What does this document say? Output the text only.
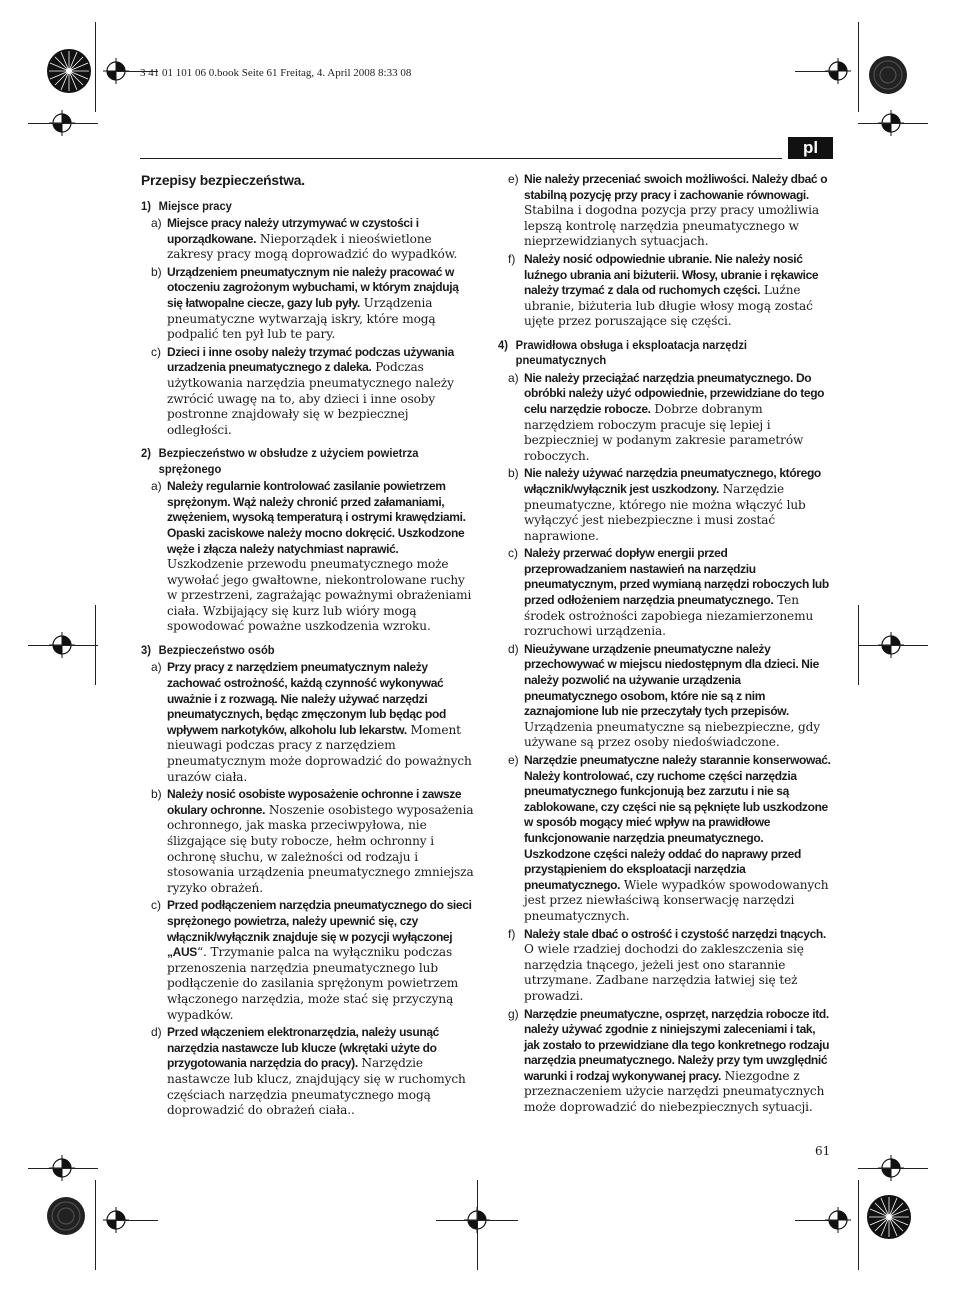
3 41 01 101 06 0.book Seite 61 Freitag, 4. April 2008 8:33 08
pl
Przepisy bezpieczeństwa.
1) Miejsce pracy
a) Miejsce pracy należy utrzymywać w czystości i uporządkowane. Nieporządek i nieoświetlone zakresy pracy mogą doprowadzić do wypadków.
b) Urządzeniem pneumatycznym nie należy pracować w otoczeniu zagrożonym wybuchami, w którym znajdują się łatwopalne ciecze, gazy lub pyły. Urządzenia pneumatyczne wytwarzają iskry, które mogą podpalić ten pył lub te pary.
c) Dzieci i inne osoby należy trzymać podczas używania urzadzenia pneumatycznego z daleka. Podczas użytkowania narzędzia pneumatycznego należy zwrócić uwagę na to, aby dzieci i inne osoby postronne znajdowały się w bezpiecznej odległości.
2) Bezpieczeństwo w obsłudze z użyciem powietrza sprężonego
a) Należy regularnie kontrolować zasilanie powietrzem sprężonym. Wąż należy chronić przed załamaniami, zwężeniem, wysoką temperaturą i ostrymi krawędziami. Opaski zaciskowe należy mocno dokręcić. Uszkodzone węże i złącza należy natychmiast naprawić. Uszkodzenie przewodu pneumatycznego może wywołać jego gwałtowne, niekontrolowane ruchy w przestrzeni, zagrażając poważnymi obrażeniami ciała. Wzbijający się kurz lub wióry mogą spowodować poważne uszkodzenia wzroku.
3) Bezpieczeństwo osób
a) Przy pracy z narzędziem pneumatycznym należy zachować ostrożność, każdą czynność wykonywać uważnie i z rozwagą. Nie należy używać narzędzi pneumatycznych, będąc zmęczonym lub będąc pod wpływem narkotyków, alkoholu lub lekarstw. Moment nieuwagi podczas pracy z narzędziem pneumatycznym może doprowadzić do poważnych urazów ciała.
b) Należy nosić osobiste wyposażenie ochronne i zawsze okulary ochronne. Noszenie osobistego wyposażenia ochronnego, jak maska przeciwpyłowa, nie ślizgające się buty robocze, hełm ochronny i ochronę słuchu, w zależności od rodzaju i stosowania urządzenia pneumatycznego zmniejsza ryzyko obrażeń.
c) Przed podłączeniem narzędzia pneumatycznego do sieci sprężonego powietrza, należy upewnić się, czy włącznik/wyłącznik znajduje się w pozycji wyłączonej „AUS“. Trzymanie palca na wyłączniku podczas przenoszenia narzędzia pneumatycznego lub podłączenie do zasilania sprężonym powietrzem włączonego narzędzia, może stać się przyczyną wypadków.
d) Przed włączeniem elektronarzędzia, należy usunąć narzędzia nastawcze lub klucze (wkrętaki użyte do przygotowania narzędzia do pracy). Narzędzie nastawcze lub klucz, znajdujący się w ruchomych częściach narzędzia pneumatycznego mogą doprowadzić do obrażeń ciała..
e) Nie należy przeceniać swoich możliwości. Należy dbać o stabilną pozycję przy pracy i zachowanie równowagi. Stabilna i dogodna pozycja przy pracy umożliwia lepszą kontrolę narzędzia pneumatycznego w nieprzewidzianych sytuacjach.
f) Należy nosić odpowiednie ubranie. Nie należy nosić luźnego ubrania ani biżuterii. Włosy, ubranie i rękawice należy trzymać z dala od ruchomych części. Luźne ubranie, biżuteria lub długie włosy mogą zostać ujęte przez poruszające się części.
4) Prawidłowa obsługa i eksploatacja narzędzi pneumatycznych
a) Nie należy przeciążać narzędzia pneumatycznego. Do obróbki należy użyć odpowiednie, przewidziane do tego celu narzędzie robocze. Dobrze dobranym narzędziem roboczym pracuje się lepiej i bezpieczniej w podanym zakresie parametrów roboczych.
b) Nie należy używać narzędzia pneumatycznego, którego włącznik/wyłącznik jest uszkodzony. Narzędzie pneumatyczne, którego nie można włączyć lub wyłączyć jest niebezpieczne i musi zostać naprawione.
c) Należy przerwać dopływ energii przed przeprowadzaniem nastawień na narzędziu pneumatycznym, przed wymianą narzędzi roboczych lub przed odłożeniem narzędzia pneumatycznego. Ten środek ostrożności zapobiega niezamierzonemu rozruchowi urządzenia.
d) Nieużywane urządzenie pneumatyczne należy przechowywać w miejscu niedostępnym dla dzieci. Nie należy pozwolić na używanie urządzenia pneumatycznego osobom, które nie są z nim zaznajomione lub nie przeczytały tych przepisów. Urządzenia pneumatyczne są niebezpieczne, gdy używane są przez osoby niedoświadczone.
e) Narzędzie pneumatyczne należy starannie konserwować. Należy kontrolować, czy ruchome części narzędzia pneumatycznego funkcjonują bez zarzutu i nie są zablokowane, czy części nie są pęknięte lub uszkodzone w sposób mogący mieć wpływ na prawidłowe funkcjonowanie narzędzia pneumatycznego. Uszkodzone części należy oddać do naprawy przed przystąpieniem do eksploatacji narzędzia pneumatycznego. Wiele wypadków spowodowanych jest przez niewłaściwą konserwację narzędzi pneumatycznych.
f) Należy stale dbać o ostrość i czystość narzędzi tnących. O wiele rzadziej dochodzi do zakleszczenia się narzędzia tnącego, jeżeli jest ono starannie utrzymane. Zadbane narzędzia łatwiej się też prowadzi.
g) Narzędzie pneumatyczne, osprzęt, narzędzia robocze itd. należy używać zgodnie z niniejszymi zaleceniami i tak, jak zostało to przewidziane dla tego konkretnego rodzaju narzędzia pneumatycznego. Należy przy tym uwzględnić warunki i rodzaj wykonywanej pracy. Niezgodne z przeznaczeniem użycie narzędzi pneumatycznych może doprowadzić do niebezpiecznych sytuacji.
61
